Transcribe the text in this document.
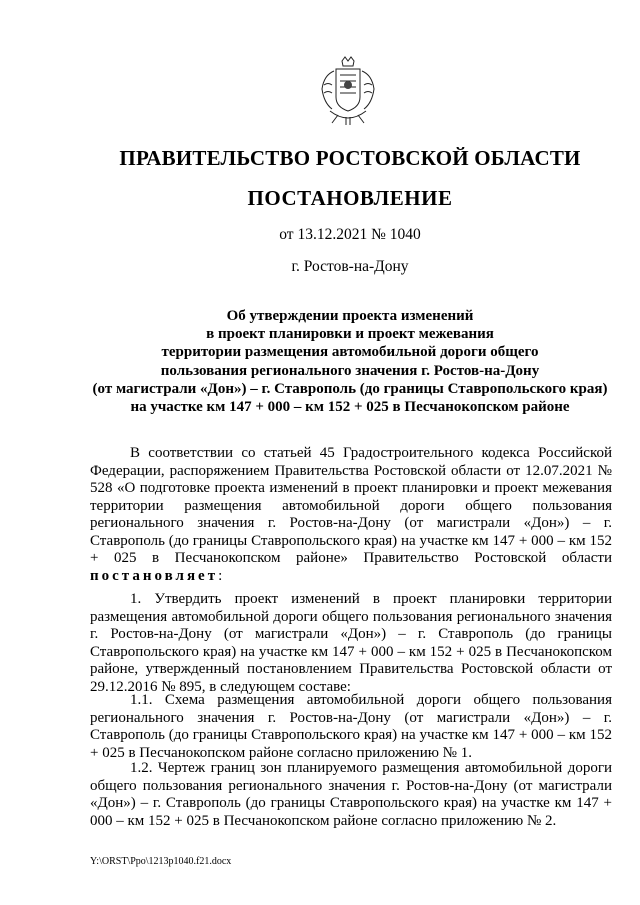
ПРАВИТЕЛЬСТВО РОСТОВСКОЙ ОБЛАСТИ
ПОСТАНОВЛЕНИЕ
от 13.12.2021 № 1040
г. Ростов-на-Дону
Об утверждении проекта изменений
в проект планировки и проект межевания
территории размещения автомобильной дороги общего
пользования регионального значения г. Ростов-на-Дону
(от магистрали «Дон») – г. Ставрополь (до границы Ставропольского края)
на участке км 147 + 000 – км 152 + 025 в Песчанокопском районе

В соответствии со статьей 45 Градостроительного кодекса Российской Федерации, распоряжением Правительства Ростовской области от 12.07.2021 № 528 «О подготовке проекта изменений в проект планировки и проект межевания территории размещения автомобильной дороги общего пользования регионального значения г. Ростов-на-Дону (от магистрали «Дон») – г. Ставрополь (до границы Ставропольского края) на участке км 147 + 000 – км 152 + 025 в Песчанокопском районе» Правительство Ростовской области постановляет:

1. Утвердить проект изменений в проект планировки территории размещения автомобильной дороги общего пользования регионального значения г. Ростов-на-Дону (от магистрали «Дон») – г. Ставрополь (до границы Ставропольского края) на участке км 147 + 000 – км 152 + 025 в Песчанокопском районе, утвержденный постановлением Правительства Ростовской области от 29.12.2016 № 895, в следующем составе:

1.1. Схема размещения автомобильной дороги общего пользования регионального значения г. Ростов-на-Дону (от магистрали «Дон») – г. Ставрополь (до границы Ставропольского края) на участке км 147 + 000 – км 152 + 025 в Песчанокопском районе согласно приложению № 1.

1.2. Чертеж границ зон планируемого размещения автомобильной дороги общего пользования регионального значения г. Ростов-на-Дону (от магистрали «Дон») – г. Ставрополь (до границы Ставропольского края) на участке км 147 + 000 – км 152 + 025 в Песчанокопском районе согласно приложению № 2.

Y:\ORST\Ppo\1213p1040.f21.docx
